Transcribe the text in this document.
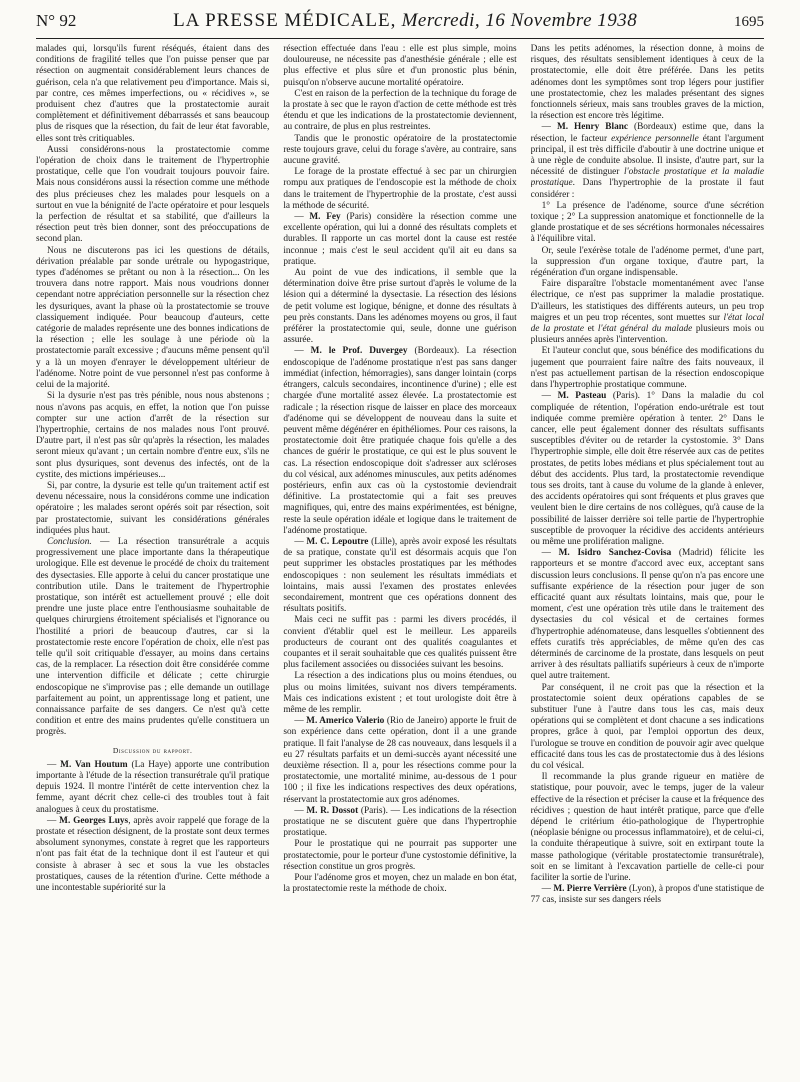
N° 92	LA PRESSE MÉDICALE, Mercredi, 16 Novembre 1938	1695

malades qui, lorsqu'ils furent réséqués, étaient dans des conditions de fragilité telles que l'on puisse penser que par résection on augmentait considérablement leurs chances de guérison, cela n'a que relativement peu d'importance. Mais si, par contre, ces mêmes imperfections, ou « récidives », se produisent chez d'autres que la prostatectomie aurait complètement et définitivement débarrassés et sans beaucoup plus de risques que la résection, du fait de leur état favorable, elles sont très critiquables.

Aussi considérons-nous la prostatectomie comme l'opération de choix dans le traitement de l'hypertrophie prostatique, celle que l'on voudrait toujours pouvoir faire. Mais nous considérons aussi la résection comme une méthode des plus précieuses chez les malades pour lesquels on a surtout en vue la bénignité de l'acte opératoire et pour lesquels la perfection de résultat et sa stabilité, que d'ailleurs la résection peut très bien donner, sont des préoccupations de second plan.

Nous ne discuterons pas ici les questions de détails, dérivation préalable par sonde urétrale ou hypogastrique, types d'adénomes se prêtant ou non à la résection... On les trouvera dans notre rapport. Mais nous voudrions donner cependant notre appréciation personnelle sur la résection chez les dysuriques, avant la phase où la prostatectomie se trouve classiquement indiquée. Pour beaucoup d'auteurs, cette catégorie de malades représente une des bonnes indications de la résection ; elle les soulage à une période où la prostatectomie paraît excessive ; d'aucuns même pensent qu'il y a là un moyen d'enrayer le développement ultérieur de l'adénome. Notre point de vue personnel n'est pas conforme à celui de la majorité.

Si la dysurie n'est pas très pénible, nous nous abstenons ; nous n'avons pas acquis, en effet, la notion que l'on puisse compter sur une action d'arrêt de la résection sur l'hypertrophie, certains de nos malades nous l'ont prouvé. D'autre part, il n'est pas sûr qu'après la résection, les malades seront mieux qu'avant ; un certain nombre d'entre eux, s'ils ne sont plus dysuriques, sont devenus des infectés, ont de la cystite, des mictions impérieuses...

Si, par contre, la dysurie est telle qu'un traitement actif est devenu nécessaire, nous la considérons comme une indication opératoire ; les malades seront opérés soit par résection, soit par prostatectomie, suivant les considérations générales indiquées plus haut.

Conclusion. — La résection transurétrale a acquis progressivement une place importante dans la thérapeutique urologique. Elle est devenue le procédé de choix du traitement des dysectasies. Elle apporte à celui du cancer prostatique une contribution utile. Dans le traitement de l'hypertrophie prostatique, son intérêt est actuellement prouvé ; elle doit prendre une juste place entre l'enthousiasme souhaitable de quelques chirurgiens étroitement spécialisés et l'ignorance ou l'hostilité a priori de beaucoup d'autres, car si la prostatectomie reste encore l'opération de choix, elle n'est pas telle qu'il soit critiquable d'essayer, au moins dans certains cas, de la remplacer. La résection doit être considérée comme une intervention difficile et délicate ; cette chirurgie endoscopique ne s'improvise pas ; elle demande un outillage parfaitement au point, un apprentissage long et patient, une connaissance parfaite de ses dangers. Ce n'est qu'à cette condition et entre des mains prudentes qu'elle constituera un progrès.

Discussion du rapport.

— M. Van Houtum (La Haye) apporte une contribution importante à l'étude de la résection transurétrale qu'il pratique depuis 1924. Il montre l'intérêt de cette intervention chez la femme, ayant décrit chez celle-ci des troubles tout à fait analogues à ceux du prostatisme.

— M. Georges Luys, après avoir rappelé que forage de la prostate et résection désignent, de la prostate sont deux termes absolument synonymes, constate à regret que les rapporteurs n'ont pas fait état de la technique dont il est l'auteur et qui consiste à abraser à sec et sous la vue les obstacles prostatiques, causes de la rétention d'urine. Cette méthode a une incontestable supériorité sur la

résection effectuée dans l'eau : elle est plus simple, moins douloureuse, ne nécessite pas d'anesthésie générale ; elle est plus effective et plus sûre et d'un pronostic plus bénin, puisqu'on n'observe aucune mortalité opératoire.

C'est en raison de la perfection de la technique du forage de la prostate à sec que le rayon d'action de cette méthode est très étendu et que les indications de la prostatectomie deviennent, au contraire, de plus en plus restreintes.

Tandis que le pronostic opératoire de la prostatectomie reste toujours grave, celui du forage s'avère, au contraire, sans aucune gravité.

Le forage de la prostate effectué à sec par un chirurgien rompu aux pratiques de l'endoscopie est la méthode de choix dans le traitement de l'hypertrophie de la prostate, c'est aussi la méthode de sécurité.

— M. Fey (Paris) considère la résection comme une excellente opération, qui lui a donné des résultats complets et durables. Il rapporte un cas mortel dont la cause est restée inconnue ; mais c'est le seul accident qu'il ait eu dans sa pratique.

Au point de vue des indications, il semble que la détermination doive être prise surtout d'après le volume de la lésion qui a déterminé la dysectasie. La résection des lésions de petit volume est logique, bénigne, et donne des résultats à peu près constants. Dans les adénomes moyens ou gros, il faut préférer la prostatectomie qui, seule, donne une guérison assurée.

— M. le Prof. Duvergey (Bordeaux). La résection endoscopique de l'adénome prostatique n'est pas sans danger immédiat (infection, hémorragies), sans danger lointain (corps étrangers, calculs secondaires, incontinence d'urine) ; elle est chargée d'une mortalité assez élevée. La prostatectomie est radicale ; la résection risque de laisser en place des morceaux d'adénome qui se développent de nouveau dans la suite et peuvent même dégénérer en épithéliomes. Pour ces raisons, la prostatectomie doit être pratiquée chaque fois qu'elle a des chances de guérir le prostatique, ce qui est le plus souvent le cas. La résection endoscopique doit s'adresser aux scléroses du col vésical, aux adénomes minuscules, aux petits adénomes postérieurs, enfin aux cas où la cystostomie deviendrait définitive. La prostatectomie qui a fait ses preuves magnifiques, qui, entre des mains expérimentées, est bénigne, reste la seule opération idéale et logique dans le traitement de l'adénome prostatique.

— M. C. Lepoutre (Lille), après avoir exposé les résultats de sa pratique, constate qu'il est désormais acquis que l'on peut supprimer les obstacles prostatiques par les méthodes endoscopiques : non seulement les résultats immédiats et lointains, mais aussi l'examen des prostates enlevées secondairement, montrent que ces opérations donnent des résultats positifs.

Mais ceci ne suffit pas : parmi les divers procédés, il convient d'établir quel est le meilleur. Les appareils producteurs de courant ont des qualités coagulantes et coupantes et il serait souhaitable que ces qualités puissent être plus facilement associées ou dissociées suivant les besoins.

La résection a des indications plus ou moins étendues, ou plus ou moins limitées, suivant nos divers tempéraments. Mais ces indications existent ; et tout urologiste doit être à même de les remplir.

— M. Americo Valerio (Rio de Janeiro) apporte le fruit de son expérience dans cette opération, dont il a une grande pratique. Il fait l'analyse de 28 cas nouveaux, dans lesquels il a eu 27 résultats parfaits et un demi-succès ayant nécessité une deuxième résection. Il a, pour les résections comme pour la prostatectomie, une mortalité minime, au-dessous de 1 pour 100 ; il fixe les indications respectives des deux opérations, réservant la prostatectomie aux gros adénomes.

— M. R. Dossot (Paris). — Les indications de la résection prostatique ne se discutent guère que dans l'hypertrophie prostatique.

Pour le prostatique qui ne pourrait pas supporter une prostatectomie, pour le porteur d'une cystostomie définitive, la résection constitue un gros progrès.

Pour l'adénome gros et moyen, chez un malade en bon état, la prostatectomie reste la méthode de choix.

Dans les petits adénomes, la résection donne, à moins de risques, des résultats sensiblement identiques à ceux de la prostatectomie, elle doit être préférée. Dans les petits adénomes dont les symptômes sont trop légers pour justifier une prostatectomie, chez les malades présentant des signes fonctionnels sérieux, mais sans troubles graves de la miction, la résection est encore très légitime.

— M. Henry Blanc (Bordeaux) estime que, dans la résection, le facteur expérience personnelle étant l'argument principal, il est très difficile d'aboutir à une doctrine unique et à une règle de conduite absolue. Il insiste, d'autre part, sur la nécessité de distinguer l'obstacle prostatique et la maladie prostatique. Dans l'hypertrophie de la prostate il faut considérer :

1° La présence de l'adénome, source d'une sécrétion toxique ; 2° La suppression anatomique et fonctionnelle de la glande prostatique et de ses sécrétions hormonales nécessaires à l'équilibre vital.

Or, seule l'exérèse totale de l'adénome permet, d'une part, la suppression d'un organe toxique, d'autre part, la régénération d'un organe indispensable.

Faire disparaître l'obstacle momentanément avec l'anse électrique, ce n'est pas supprimer la maladie prostatique. D'ailleurs, les statistiques des différents auteurs, un peu trop maigres et un peu trop récentes, sont muettes sur l'état local de la prostate et l'état général du malade plusieurs mois ou plusieurs années après l'intervention.

Et l'auteur conclut que, sous bénéfice des modifications du jugement que pourraient faire naître des faits nouveaux, il n'est pas actuellement partisan de la résection endoscopique dans l'hypertrophie prostatique commune.

— M. Pasteau (Paris). 1° Dans la maladie du col compliquée de rétention, l'opération endo-urétrale est tout indiquée comme première opération à tenter. 2° Dans le cancer, elle peut également donner des résultats suffisants susceptibles d'éviter ou de retarder la cystostomie. 3° Dans l'hypertrophie simple, elle doit être réservée aux cas de petites prostates, de petits lobes médians et plus spécialement tout au début des accidents. Plus tard, la prostatectomie revendique tous ses droits, tant à cause du volume de la glande à enlever, des accidents opératoires qui sont fréquents et plus graves que veulent bien le dire certains de nos collègues, qu'à cause de la possibilité de laisser derrière soi telle partie de l'hypertrophie susceptible de provoquer la récidive des accidents antérieurs ou même une prolifération maligne.

— M. Isidro Sanchez-Covisa (Madrid) félicite les rapporteurs et se montre d'accord avec eux, acceptant sans discussion leurs conclusions. Il pense qu'on n'a pas encore une suffisante expérience de la résection pour juger de son efficacité quant aux résultats lointains, mais que, pour le moment, c'est une opération très utile dans le traitement des dysectasies du col vésical et de certaines formes d'hypertrophie adénomateuse, dans lesquelles s'obtiennent des effets curatifs très appréciables, de même qu'en des cas déterminés de carcinome de la prostate, dans lesquels on peut arriver à des résultats palliatifs supérieurs à ceux de n'importe quel autre traitement.

Par conséquent, il ne croit pas que la résection et la prostatectomie soient deux opérations capables de se substituer l'une à l'autre dans tous les cas, mais deux opérations qui se complètent et dont chacune a ses indications propres, grâce à quoi, par l'emploi opportun des deux, l'urologue se trouve en condition de pouvoir agir avec quelque efficacité dans tous les cas de prostatectomie dus à des lésions du col vésical.

Il recommande la plus grande rigueur en matière de statistique, pour pouvoir, avec le temps, juger de la valeur effective de la résection et préciser la cause et la fréquence des récidives ; question de haut intérêt pratique, parce que d'elle dépend le critérium étio-pathologique de l'hypertrophie (néoplasie bénigne ou processus inflammatoire), et de celui-ci, la conduite thérapeutique à suivre, soit en extirpant toute la masse pathologique (véritable prostatectomie transurétrale), soit en se limitant à l'excavation partielle de celle-ci pour faciliter la sortie de l'urine.

— M. Pierre Verrière (Lyon), à propos d'une statistique de 77 cas, insiste sur ses dangers réels
